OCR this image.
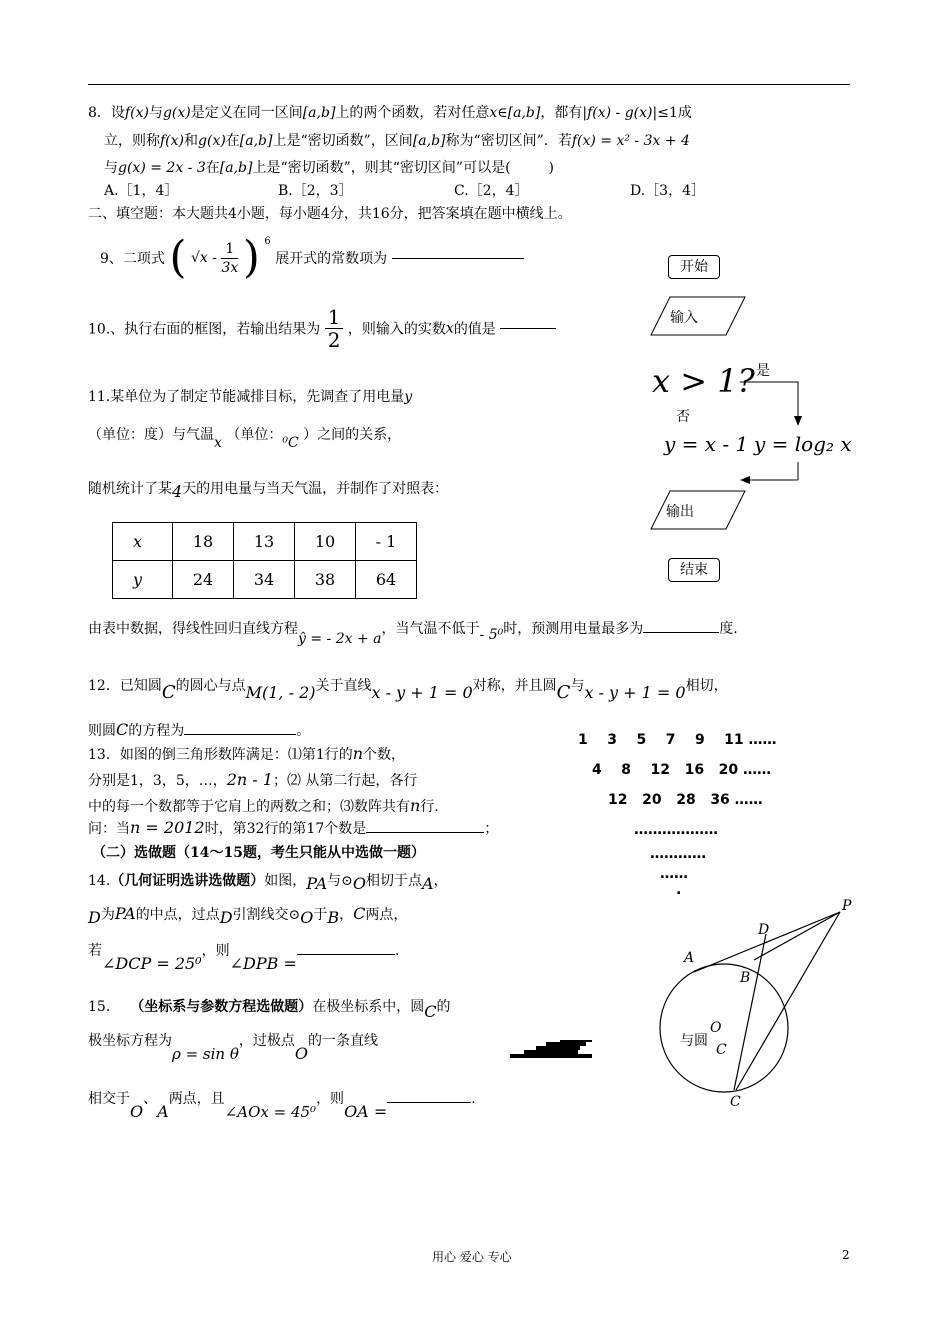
8．设f(x)与g(x)是定义在同一区间[a,b]上的两个函数，若对任意x∈[a,b]，都有|f(x) - g(x)|≤1成
立，则称f(x)和g(x)在[a,b]上是“密切函数”，区间[a,b]称为“密切区间”．若f(x) = x² - 3x + 4
与g(x) = 2x - 3在[a,b]上是“密切函数”，则其“密切区间”可以是(	)
A.［1，4］	B.［2，3］	C.［2，4］	D.［3，4］
二、填空题：本大题共4小题，每小题4分，共16分，把答案填在题中横线上。
9、二项式 ( $√x - \frac{1}{3x}$ ) $^6$ 展开式的常数项为
10.、执行右面的框图，若输出结果为 $\frac{1}{2}$ ，则输入的实数x的值是
11.某单位为了制定节能减排目标，先调查了用电量y
（单位：度）与气温x （单位：⁰C ）之间的关系，
随机统计了某4天的用电量与当天气温，并制作了对照表：
x	18	13	10	- 1
y	24	34	38	64
由表中数据，得线性回归直线方程ŷ = - 2x + a，当气温不低于- 5⁰时，预测用电量最多为	度.
开始
输入
x > 1? 是
否
y = x - 1 y = log₂ x
输出
结束
12．已知圆C的圆心与点M(1, - 2)关于直线x - y + 1 = 0对称，并且圆C与x - y + 1 = 0相切，
则圆C的方程为	。
13．如图的倒三角形数阵满足：⑴第1行的n个数，
分别是1，3，5，…，2n - 1；⑵ 从第二行起，各行
中的每一个数都等于它肩上的两数之和；⑶数阵共有n行.
问：当n = 2012时，第32行的第17个数是	；
1    3    5    7    9    11 ……
4    8    12   16   20 ……
12   20   28   36 ……
………………
…………
……
.
（二）选做题（14～15题，考生只能从中选做一题）
14.（几何证明选讲选做题）如图，PA与⊙O相切于点A，
D为PA的中点，过点D引割线交⊙O于B，C两点，
若∠DCP = 25⁰，则∠DPB =.
15. （坐标系与参数方程选做题）在极坐标系中，圆C的
极坐标方程为ρ = sin θ，过极点O的一条直线
相交于O、A两点，且∠AOx = 45⁰，则OA =.
P
D
A
B
O
与圆
C
C
用心 爱心 专心	2
